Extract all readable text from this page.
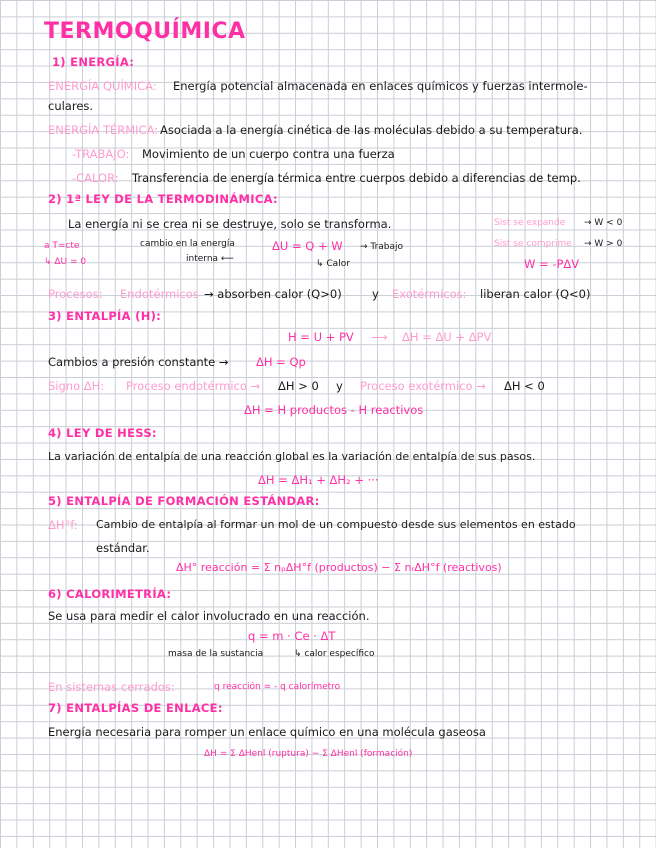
TERMOQUÍMICA
1) ENERGÍA:
ENERGÍA QUÍMICA: Energía potencial almacenada en enlaces químicos y fuerzas intermole-
culares.
ENERGÍA TÉRMICA: Asociada a la energía cinética de las moléculas debido a su temperatura.
-TRABAJO: Movimiento de un cuerpo contra una fuerza
-CALOR: Transferencia de energía térmica entre cuerpos debido a diferencias de temp.
2) 1ª LEY DE LA TERMODINÁMICA:
La energía ni se crea ni se destruye, solo se transforma.	Sist se expande → W < 0
a T=cte
↳ ΔU = 0
cambio en la energía
interna ⟵
ΔU = Q + W → Trabajo
↳ Calor
Sist se comprime → W > 0
W = -PΔV
Procesos: Endotérmicos → absorben calor (Q>0)	y Exotérmicos: liberan calor (Q<0)
3) ENTALPÍA (H):
H = U + PV ⟶ ΔH = ΔU + ΔPV
Cambios a presión constante → ΔH = Qp
Signo ΔH: Proceso endotérmico → ΔH > 0 y Proceso exotérmico → ΔH < 0
ΔH = H productos - H reactivos
4) LEY DE HESS:
La variación de entalpía de una reacción global es la variación de entalpía de sus pasos.
ΔH = ΔH₁ + ΔH₂ + ···
5) ENTALPÍA DE FORMACIÓN ESTÁNDAR:
ΔH°f: Cambio de entalpía al formar un mol de un compuesto desde sus elementos en estado
estándar.
ΔH° reacción = Σ nₚΔH°f (productos) − Σ nᵣΔH°f (reactivos)
6) CALORIMETRÍA:
Se usa para medir el calor involucrado en una reacción.
q = m · Ce · ΔT
masa de la sustancia	↳ calor específico
En sistemas cerrados:	q reacción = - q calorímetro
7) ENTALPÍAS DE ENLACE:
Energía necesaria para romper un enlace químico en una molécula gaseosa
ΔH = Σ ΔHenl (ruptura) − Σ ΔHenl (formación)
